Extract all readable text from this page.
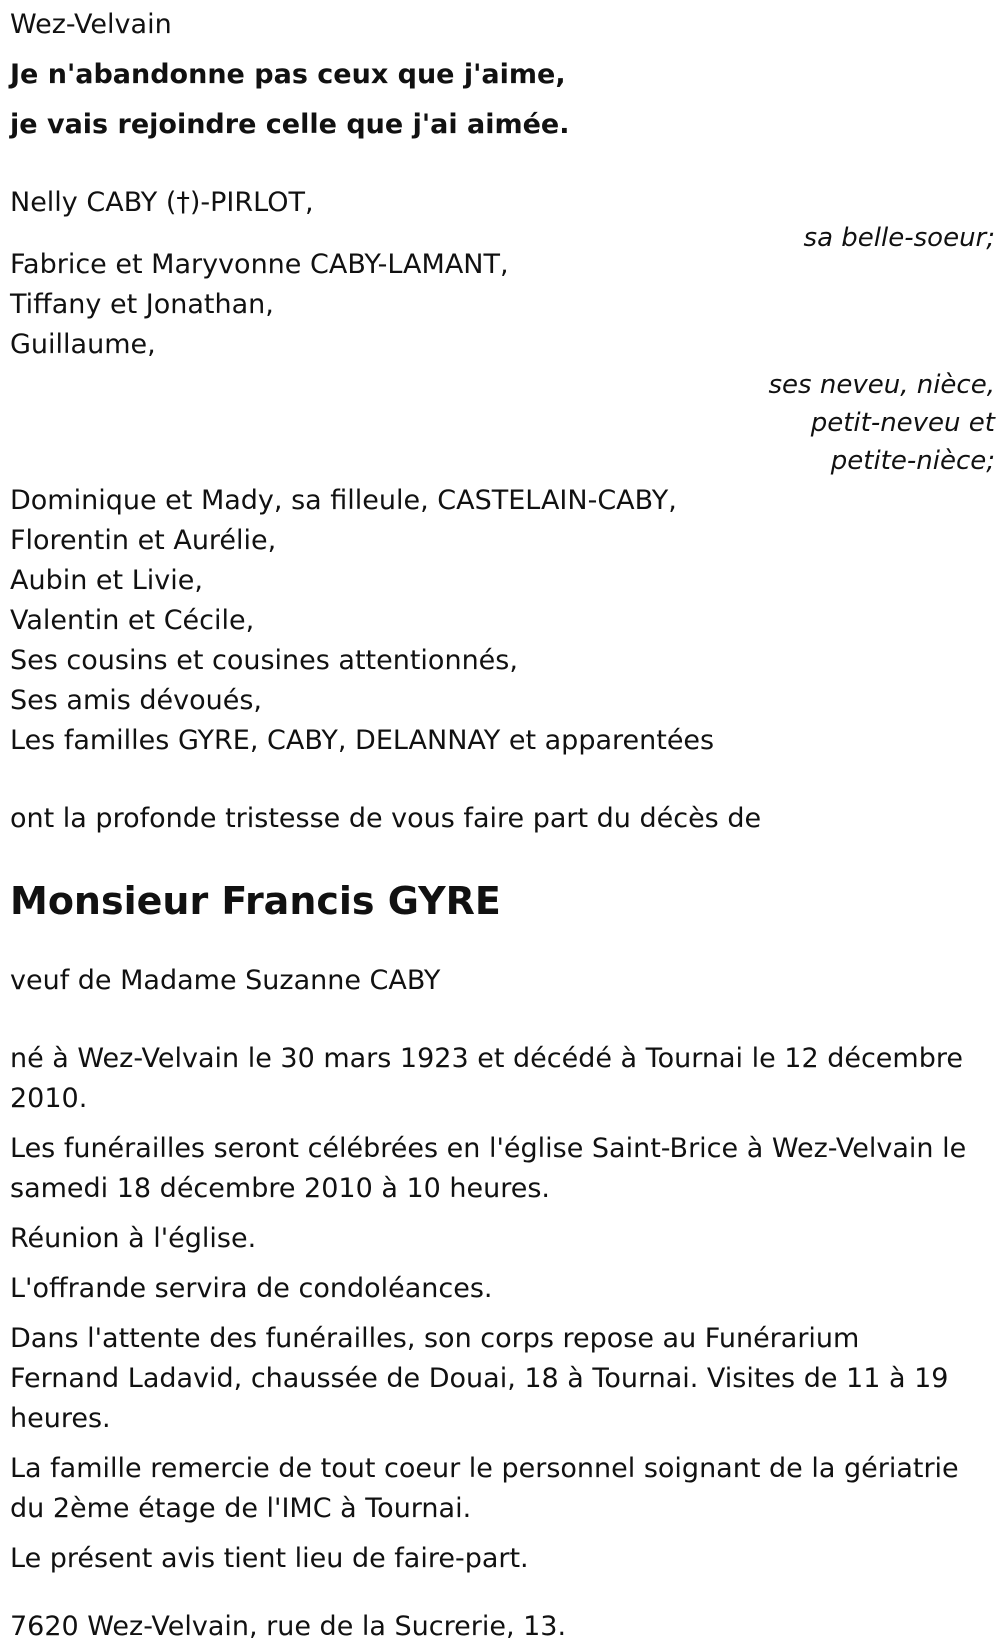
Wez-Velvain

Je n'abandonne pas ceux que j'aime,

je vais rejoindre celle que j'ai aimée.

Nelly CABY (†)-PIRLOT,

sa belle-soeur;

Fabrice et Maryvonne CABY-LAMANT,

Tiffany et Jonathan,

Guillaume,

ses neveu, nièce,
petit-neveu et
petite-nièce;

Dominique et Mady, sa filleule, CASTELAIN-CABY,

Florentin et Aurélie,

Aubin et Livie,

Valentin et Cécile,

Ses cousins et cousines attentionnés,

Ses amis dévoués,

Les familles GYRE, CABY, DELANNAY et apparentées

ont la profonde tristesse de vous faire part du décès de

Monsieur Francis GYRE

veuf de Madame Suzanne CABY

né à Wez-Velvain le 30 mars 1923 et décédé à Tournai le 12 décembre 2010.

Les funérailles seront célébrées en l'église Saint-Brice à Wez-Velvain le samedi 18 décembre 2010 à 10 heures.

Réunion à l'église.

L'offrande servira de condoléances.

Dans l'attente des funérailles, son corps repose au Funérarium Fernand Ladavid, chaussée de Douai, 18 à Tournai. Visites de 11 à 19 heures.

La famille remercie de tout coeur le personnel soignant de la gériatrie du 2ème étage de l'IMC à Tournai.

Le présent avis tient lieu de faire-part.

7620 Wez-Velvain, rue de la Sucrerie, 13.
